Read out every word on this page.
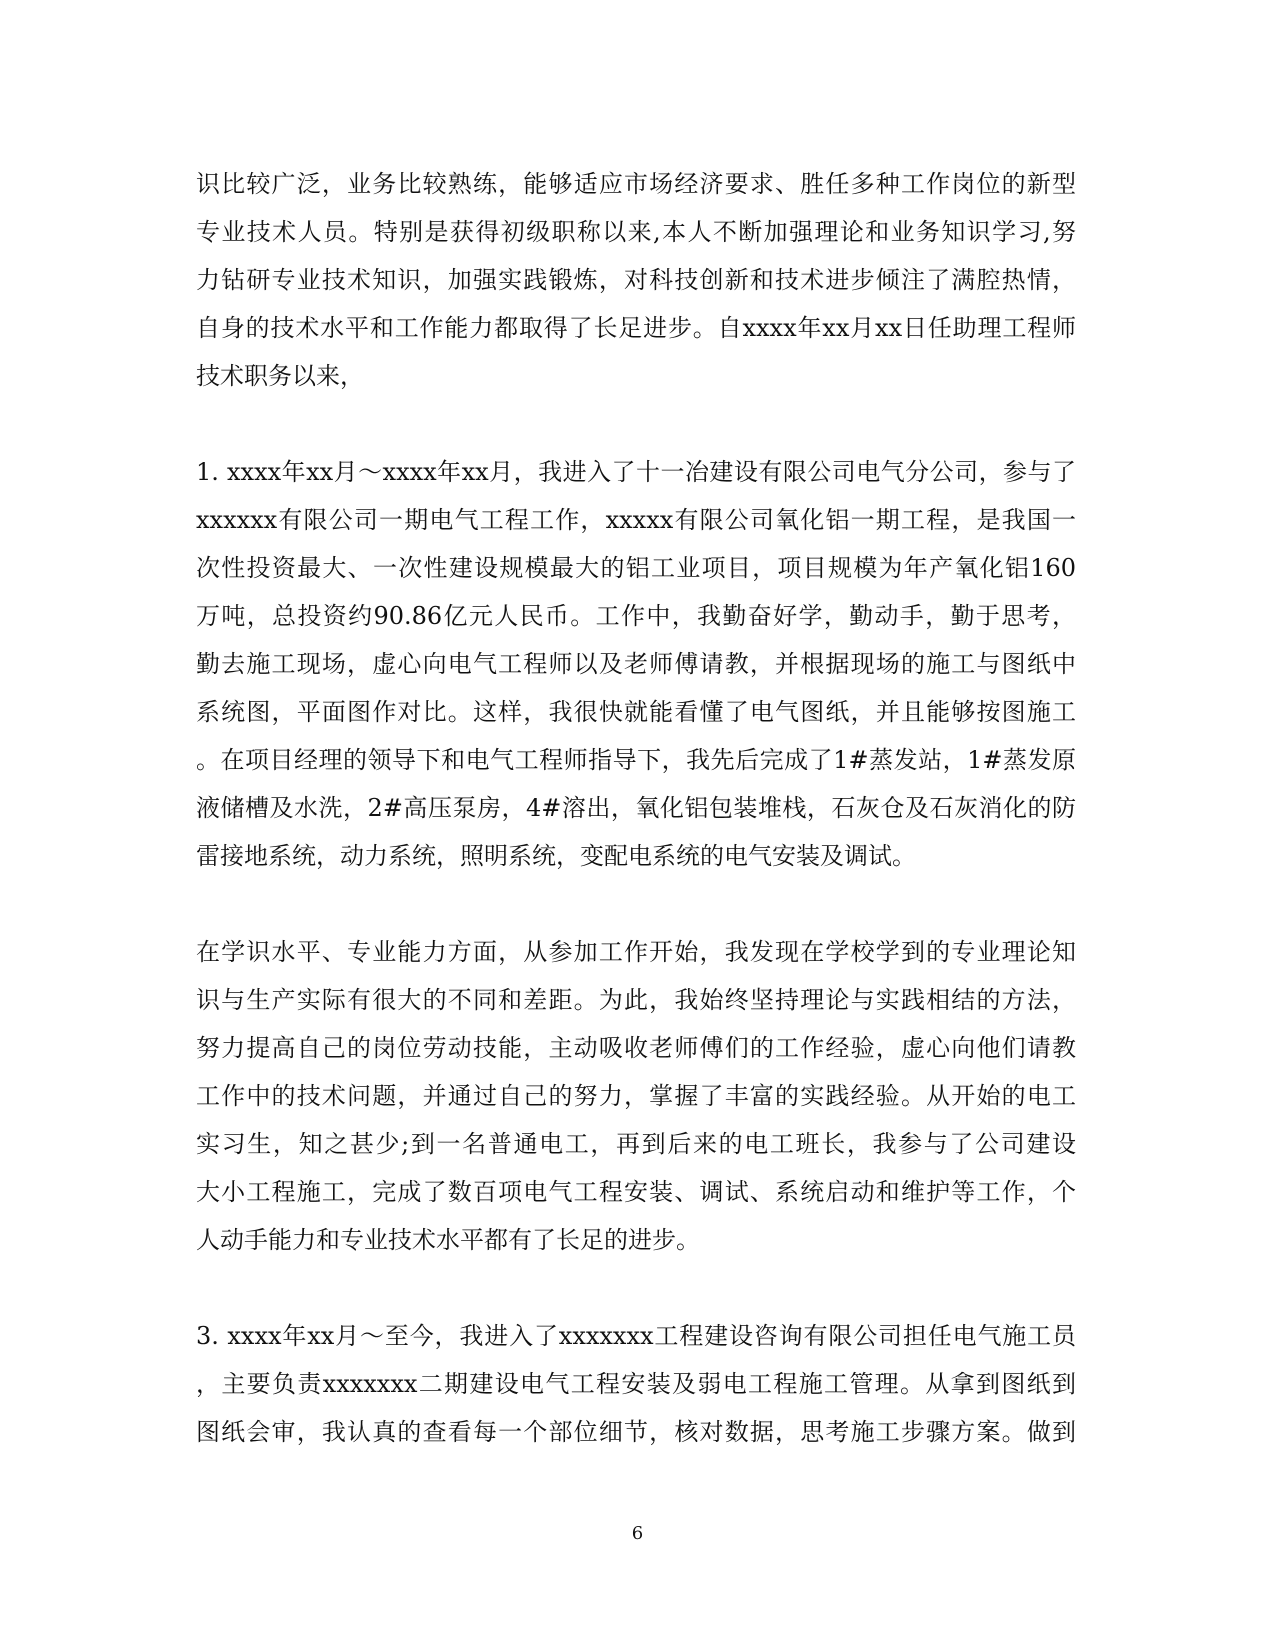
识比较广泛，业务比较熟练，能够适应市场经济要求、胜任多种工作岗位的新型
专业技术人员。特别是获得初级职称以来,本人不断加强理论和业务知识学习,努
力钻研专业技术知识，加强实践锻炼，对科技创新和技术进步倾注了满腔热情，
自身的技术水平和工作能力都取得了长足进步。自xxxx年xx月xx日任助理工程师
技术职务以来，

1. xxxx年xx月～xxxx年xx月，我进入了十一冶建设有限公司电气分公司，参与了
xxxxxx有限公司一期电气工程工作，xxxxx有限公司氧化铝一期工程，是我国一
次性投资最大、一次性建设规模最大的铝工业项目，项目规模为年产氧化铝160
万吨，总投资约90.86亿元人民币。工作中，我勤奋好学，勤动手，勤于思考，
勤去施工现场，虚心向电气工程师以及老师傅请教，并根据现场的施工与图纸中
系统图，平面图作对比。这样，我很快就能看懂了电气图纸，并且能够按图施工
。在项目经理的领导下和电气工程师指导下，我先后完成了1#蒸发站，1#蒸发原
液储槽及水洗，2#高压泵房，4#溶出，氧化铝包装堆栈，石灰仓及石灰消化的防
雷接地系统，动力系统，照明系统，变配电系统的电气安装及调试。

在学识水平、专业能力方面，从参加工作开始，我发现在学校学到的专业理论知
识与生产实际有很大的不同和差距。为此，我始终坚持理论与实践相结的方法，
努力提高自己的岗位劳动技能，主动吸收老师傅们的工作经验，虚心向他们请教
工作中的技术问题，并通过自己的努力，掌握了丰富的实践经验。从开始的电工
实习生，知之甚少;到一名普通电工，再到后来的电工班长，我参与了公司建设
大小工程施工，完成了数百项电气工程安装、调试、系统启动和维护等工作，个
人动手能力和专业技术水平都有了长足的进步。

3. xxxx年xx月～至今，我进入了xxxxxxx工程建设咨询有限公司担任电气施工员
，主要负责xxxxxxx二期建设电气工程安装及弱电工程施工管理。从拿到图纸到
图纸会审，我认真的查看每一个部位细节，核对数据，思考施工步骤方案。做到

6
